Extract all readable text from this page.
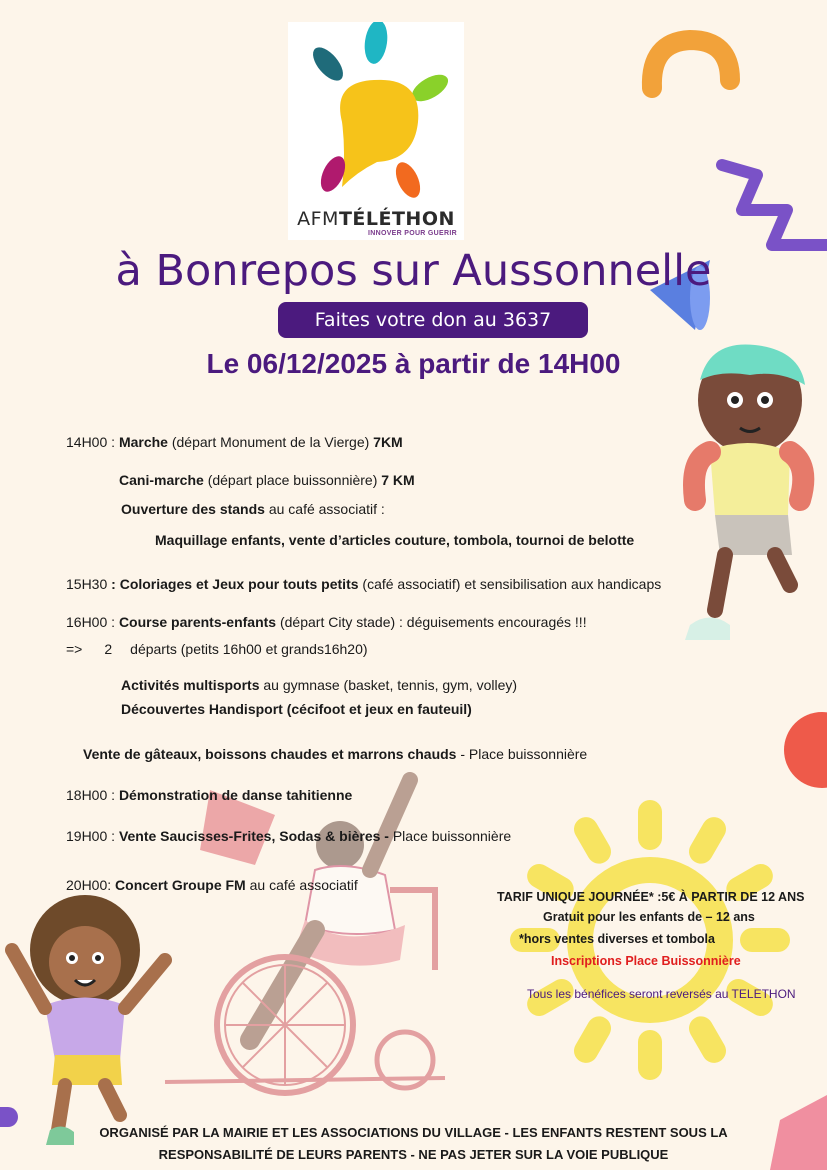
AFMTÉLÉTHON
INNOVER POUR GUERIR
à Bonrepos sur Aussonnelle
Faites votre don au 3637
Le 06/12/2025 à partir de 14H00
14H00 : Marche (départ Monument de la Vierge) 7KM
Cani-marche (départ place buissonnière) 7 KM
Ouverture des stands au café associatif :
Maquillage enfants, vente d’articles couture, tombola, tournoi de belotte
15H30 : Coloriages et Jeux pour touts petits (café associatif) et sensibilisation aux handicaps
16H00 : Course parents-enfants (départ City stade) : déguisements encouragés !!!
=> 2 départs (petits 16h00 et grands16h20)
Activités multisports au gymnase (basket, tennis, gym, volley)
Découvertes Handisport (cécifoot et jeux en fauteuil)
Vente de gâteaux, boissons chaudes et marrons chauds - Place buissonnière
18H00 : Démonstration de danse tahitienne
19H00 : Vente Saucisses-Frites, Sodas & bières - Place buissonnière
20H00: Concert Groupe FM au café associatif
TARIF UNIQUE JOURNÉE* :5€ À PARTIR DE 12 ANS
Gratuit pour les enfants de – 12 ans
*hors ventes diverses et tombola
Inscriptions Place Buissonnière
Tous les bénéfices seront reversés au TELETHON
ORGANISÉ PAR LA MAIRIE ET LES ASSOCIATIONS DU VILLAGE - LES ENFANTS RESTENT SOUS LA
RESPONSABILITÉ DE LEURS PARENTS - NE PAS JETER SUR LA VOIE PUBLIQUE
